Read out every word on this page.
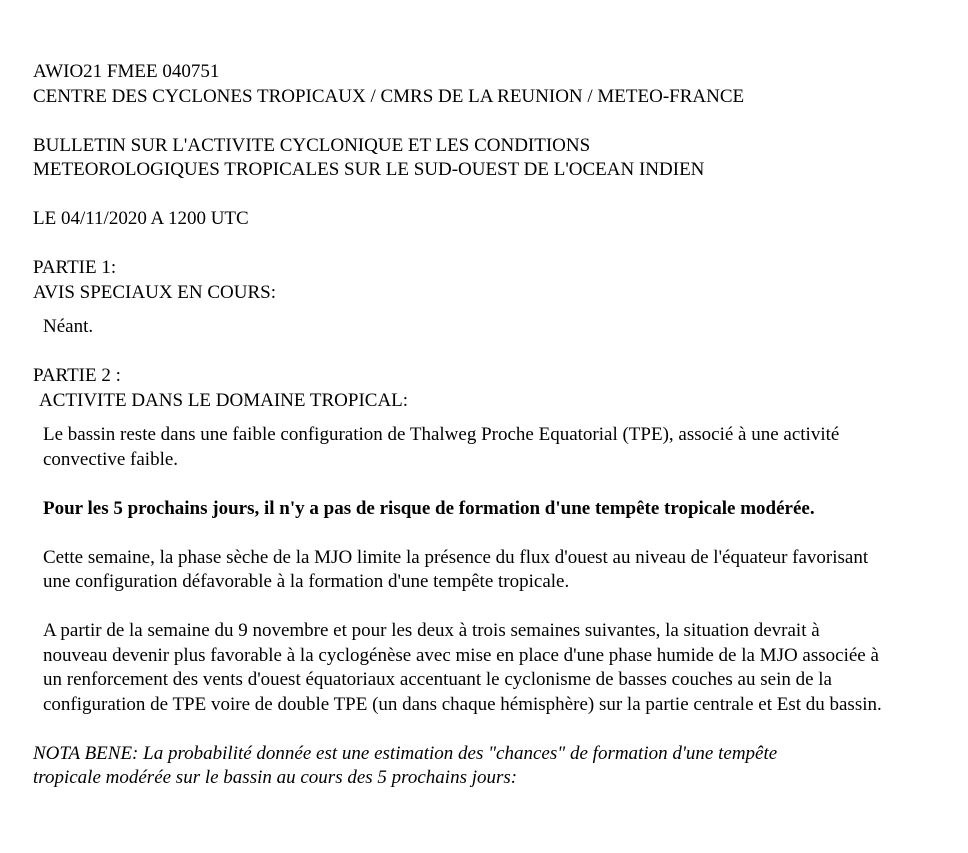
AWIO21 FMEE 040751
CENTRE DES CYCLONES TROPICAUX / CMRS DE LA REUNION / METEO-FRANCE
BULLETIN SUR L'ACTIVITE CYCLONIQUE ET LES CONDITIONS
METEOROLOGIQUES TROPICALES SUR LE SUD-OUEST DE L'OCEAN INDIEN
LE 04/11/2020 A 1200 UTC
PARTIE 1:
AVIS SPECIAUX EN COURS:
Néant.
PARTIE 2 :
ACTIVITE DANS LE DOMAINE TROPICAL:
Le bassin reste dans une faible configuration de Thalweg Proche Equatorial (TPE), associé à une activité convective faible.
Pour les 5 prochains jours, il n'y a pas de risque de formation d'une tempête tropicale modérée.
Cette semaine, la phase sèche de la MJO limite la présence du flux d'ouest au niveau de l'équateur favorisant une configuration défavorable à la formation d'une tempête tropicale.
A partir de la semaine du 9 novembre et pour les deux à trois semaines suivantes, la situation devrait à nouveau devenir plus favorable à la cyclogénèse avec mise en place d'une phase humide de la MJO associée à un renforcement des vents d'ouest équatoriaux accentuant le cyclonisme de basses couches au sein de la configuration de TPE voire de double TPE (un dans chaque hémisphère) sur la partie centrale et Est du bassin.
NOTA BENE: La probabilité donnée est une estimation des "chances" de formation d'une tempête
tropicale modérée sur le bassin au cours des 5 prochains jours:
